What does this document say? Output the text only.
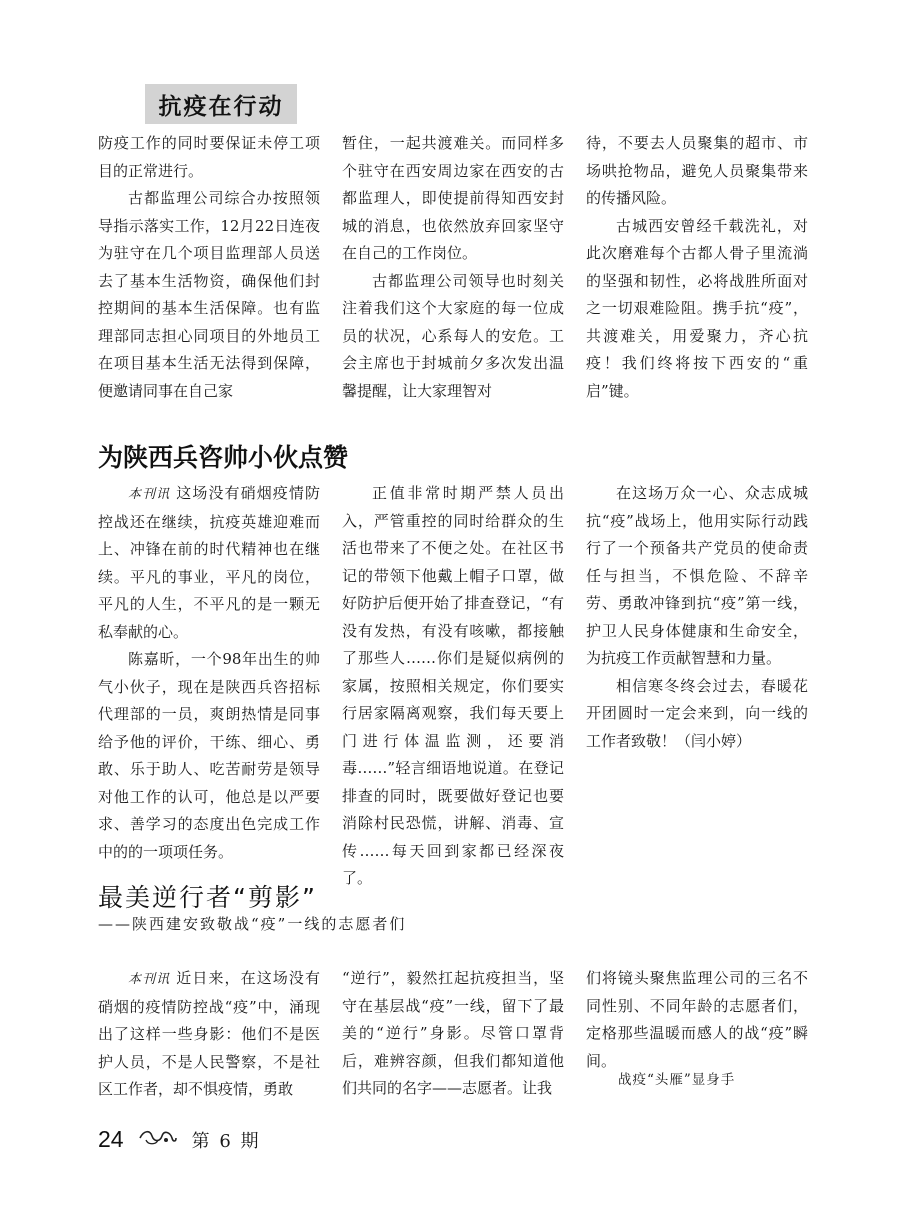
抗疫在行动

防疫工作的同时要保证未停工项目的正常进行。

古都监理公司综合办按照领导指示落实工作，12月22日连夜为驻守在几个项目监理部人员送去了基本生活物资，确保他们封控期间的基本生活保障。也有监理部同志担心同项目的外地员工在项目基本生活无法得到保障，便邀请同事在自己家

暂住，一起共渡难关。而同样多个驻守在西安周边家在西安的古都监理人，即使提前得知西安封城的消息，也依然放弃回家坚守在自己的工作岗位。

古都监理公司领导也时刻关注着我们这个大家庭的每一位成员的状况，心系每人的安危。工会主席也于封城前夕多次发出温馨提醒，让大家理智对

待，不要去人员聚集的超市、市场哄抢物品，避免人员聚集带来的传播风险。

古城西安曾经千载洗礼，对此次磨难每个古都人骨子里流淌的坚强和韧性，必将战胜所面对之一切艰难险阻。携手抗“疫”，共渡难关，用爱聚力，齐心抗疫！我们终将按下西安的“重启”键。

为陕西兵咨帅小伙点赞

本刊讯 这场没有硝烟疫情防控战还在继续，抗疫英雄迎难而上、冲锋在前的时代精神也在继续。平凡的事业，平凡的岗位，平凡的人生，不平凡的是一颗无私奉献的心。

陈嘉昕，一个98年出生的帅气小伙子，现在是陕西兵咨招标代理部的一员，爽朗热情是同事给予他的评价，干练、细心、勇敢、乐于助人、吃苦耐劳是领导对他工作的认可，他总是以严要求、善学习的态度出色完成工作中的的一项项任务。

正值非常时期严禁人员出入，严管重控的同时给群众的生活也带来了不便之处。在社区书记的带领下他戴上帽子口罩，做好防护后便开始了排查登记，“有没有发热，有没有咳嗽，都接触了那些人……你们是疑似病例的家属，按照相关规定，你们要实行居家隔离观察，我们每天要上门进行体温监测，还要消毒……”轻言细语地说道。在登记排查的同时，既要做好登记也要消除村民恐慌，讲解、消毒、宣传……每天回到家都已经深夜了。

在这场万众一心、众志成城抗“疫”战场上，他用实际行动践行了一个预备共产党员的使命责任与担当，不惧危险、不辞辛劳、勇敢冲锋到抗“疫”第一线，护卫人民身体健康和生命安全，为抗疫工作贡献智慧和力量。

相信寒冬终会过去，春暖花开团圆时一定会来到，向一线的工作者致敬！（闫小婷）

最美逆行者“剪影”
——陕西建安致敬战“疫”一线的志愿者们

本刊讯 近日来，在这场没有硝烟的疫情防控战“疫”中，涌现出了这样一些身影：他们不是医护人员，不是人民警察，不是社区工作者，却不惧疫情，勇敢

“逆行”，毅然扛起抗疫担当，坚守在基层战“疫”一线，留下了最美的“逆行”身影。尽管口罩背后，难辨容颜，但我们都知道他们共同的名字——志愿者。让我

们将镜头聚焦监理公司的三名不同性别、不同年龄的志愿者们，定格那些温暖而感人的战“疫”瞬间。

战疫“头雁”显身手
24	第 6 期
